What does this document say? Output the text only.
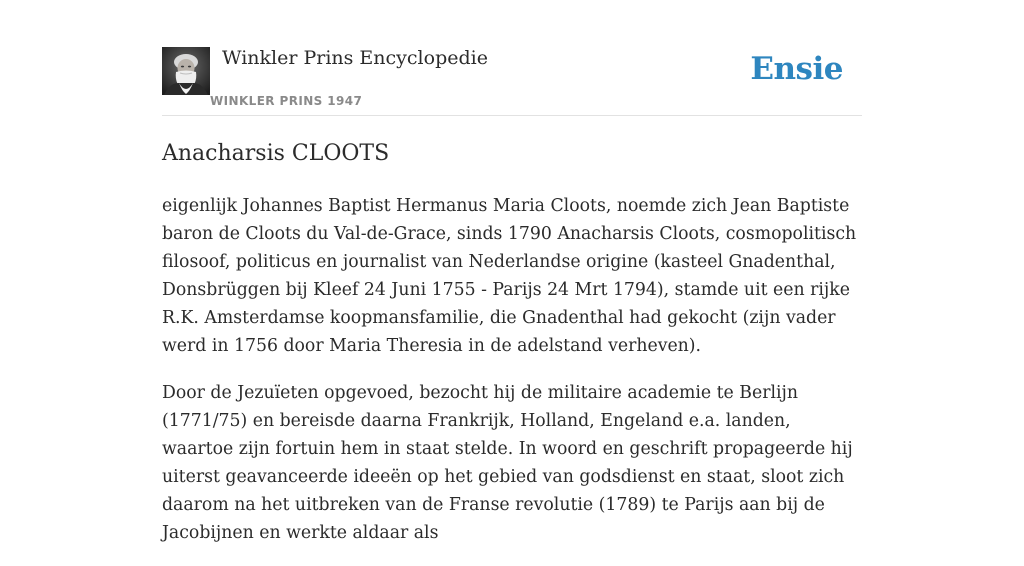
Winkler Prins Encyclopedie
WINKLER PRINS 1947
Ensie
Anacharsis CLOOTS

eigenlijk Johannes Baptist Hermanus Maria Cloots, noemde zich Jean Baptiste baron de Cloots du Val-de-Grace, sinds 1790 Anacharsis Cloots, cosmopolitisch filosoof, politicus en journalist van Nederlandse origine (kasteel Gnadenthal, Donsbrüggen bij Kleef 24 Juni 1755 - Parijs 24 Mrt 1794), stamde uit een rijke R.K. Amsterdamse koopmansfamilie, die Gnadenthal had gekocht (zijn vader werd in 1756 door Maria Theresia in de adelstand verheven).

Door de Jezuïeten opgevoed, bezocht hij de militaire academie te Berlijn (1771/75) en bereisde daarna Frankrijk, Holland, Engeland e.a. landen, waartoe zijn fortuin hem in staat stelde. In woord en geschrift propageerde hij uiterst geavanceerde ideeën op het gebied van godsdienst en staat, sloot zich daarom na het uitbreken van de Franse revolutie (1789) te Parijs aan bij de Jacobijnen en werkte aldaar als
